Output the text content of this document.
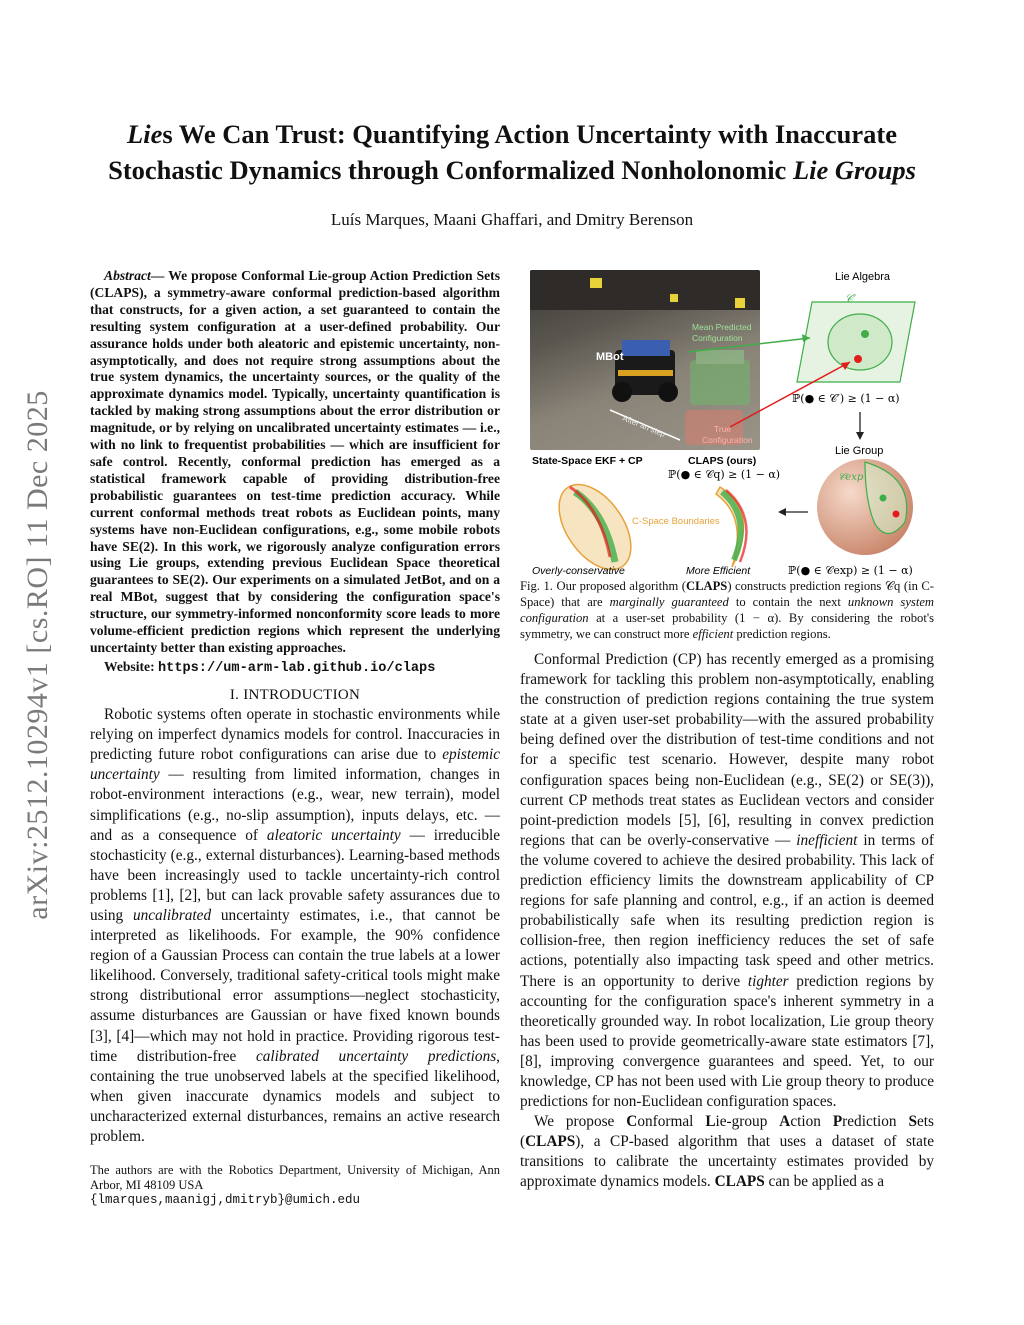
arXiv:2512.10294v1 [cs.RO] 11 Dec 2025
Lies We Can Trust: Quantifying Action Uncertainty with Inaccurate
Stochastic Dynamics through Conformalized Nonholonomic Lie Groups
Luís Marques, Maani Ghaffari, and Dmitry Berenson
Abstract— We propose Conformal Lie-group Action Prediction Sets (CLAPS), a symmetry-aware conformal prediction-based algorithm that constructs, for a given action, a set guaranteed to contain the resulting system configuration at a user-defined probability. Our assurance holds under both aleatoric and epistemic uncertainty, non-asymptotically, and does not require strong assumptions about the true system dynamics, the uncertainty sources, or the quality of the approximate dynamics model. Typically, uncertainty quantification is tackled by making strong assumptions about the error distribution or magnitude, or by relying on uncalibrated uncertainty estimates — i.e., with no link to frequentist probabilities — which are insufficient for safe control. Recently, conformal prediction has emerged as a statistical framework capable of providing distribution-free probabilistic guarantees on test-time prediction accuracy. While current conformal methods treat robots as Euclidean points, many systems have non-Euclidean configurations, e.g., some mobile robots have SE(2). In this work, we rigorously analyze configuration errors using Lie groups, extending previous Euclidean Space theoretical guarantees to SE(2). Our experiments on a simulated JetBot, and on a real MBot, suggest that by considering the configuration space's structure, our symmetry-informed nonconformity score leads to more volume-efficient prediction regions which represent the underlying uncertainty better than existing approaches.
Website: https://um-arm-lab.github.io/claps
I. INTRODUCTION

Robotic systems often operate in stochastic environments while relying on imperfect dynamics models for control. Inaccuracies in predicting future robot configurations can arise due to epistemic uncertainty — resulting from limited information, changes in robot-environment interactions (e.g., wear, new terrain), model simplifications (e.g., no-slip assumption), inputs delays, etc. — and as a consequence of aleatoric uncertainty — irreducible stochasticity (e.g., external disturbances). Learning-based methods have been increasingly used to tackle uncertainty-rich control problems [1], [2], but can lack provable safety assurances due to using uncalibrated uncertainty estimates, i.e., that cannot be interpreted as likelihoods. For example, the 90% confidence region of a Gaussian Process can contain the true labels at a lower likelihood. Conversely, traditional safety-critical tools might make strong distributional error assumptions—neglect stochasticity, assume disturbances are Gaussian or have fixed known bounds [3], [4]—which may not hold in practice. Providing rigorous test-time distribution-free calibrated uncertainty predictions, containing the true unobserved labels at the specified likelihood, when given inaccurate dynamics models and subject to uncharacterized external disturbances, remains an active research problem.

The authors are with the Robotics Department, University of Michigan, Ann Arbor, MI 48109 USA
{lmarques,maanigj,dmitryb}@umich.edu
MBot
Mean Predicted Configuration
True Configuration
After an step
Lie Algebra
𝒞′
ℙ(● ∈ 𝒞′) ≥ (1 − α)
Lie Group
𝒞exp
State-Space EKF + CP	CLAPS (ours)
ℙ(● ∈ 𝒞q) ≥ (1 − α)
C-Space Boundaries
Overly-conservative	More Efficient	ℙ(● ∈ 𝒞exp) ≥ (1 − α)
Fig. 1. Our proposed algorithm (CLAPS) constructs prediction regions 𝒞q (in C-Space) that are marginally guaranteed to contain the next unknown system configuration at a user-set probability (1 − α). By considering the robot's symmetry, we can construct more efficient prediction regions.

Conformal Prediction (CP) has recently emerged as a promising framework for tackling this problem non-asymptotically, enabling the construction of prediction regions containing the true system state at a given user-set probability—with the assured probability being defined over the distribution of test-time conditions and not for a specific test scenario. However, despite many robot configuration spaces being non-Euclidean (e.g., SE(2) or SE(3)), current CP methods treat states as Euclidean vectors and consider point-prediction models [5], [6], resulting in convex prediction regions that can be overly-conservative — inefficient in terms of the volume covered to achieve the desired probability. This lack of prediction efficiency limits the downstream applicability of CP regions for safe planning and control, e.g., if an action is deemed probabilistically safe when its resulting prediction region is collision-free, then region inefficiency reduces the set of safe actions, potentially also impacting task speed and other metrics. There is an opportunity to derive tighter prediction regions by accounting for the configuration space's inherent symmetry in a theoretically grounded way. In robot localization, Lie group theory has been used to provide geometrically-aware state estimators [7], [8], improving convergence guarantees and speed. Yet, to our knowledge, CP has not been used with Lie group theory to produce predictions for non-Euclidean configuration spaces.

We propose Conformal Lie-group Action Prediction Sets (CLAPS), a CP-based algorithm that uses a dataset of state transitions to calibrate the uncertainty estimates provided by approximate dynamics models. CLAPS can be applied as a
